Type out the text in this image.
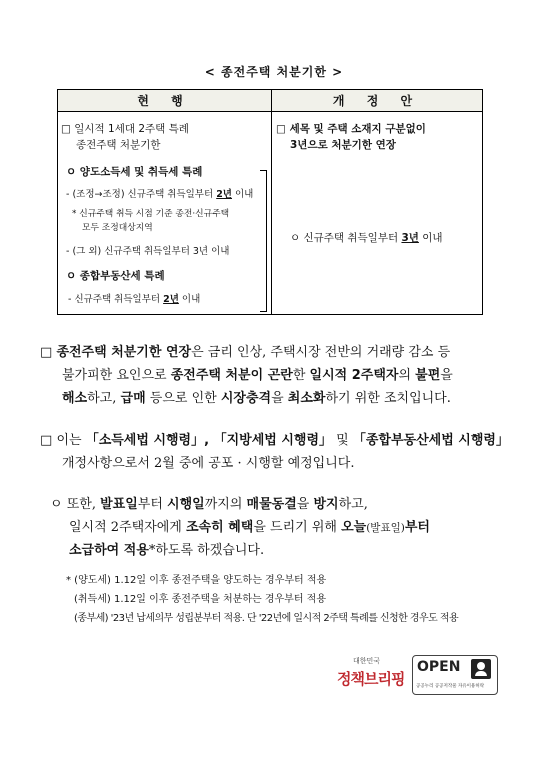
< 종전주택 처분기한 >
현 행	개 정 안
□ 일시적 1세대 2주택 특례
종전주택 처분기한
ㅇ 양도소득세 및 취득세 특례
- (조정→조정) 신규주택 취득일부터 2년 이내
* 신규주택 취득 시점 기준 종전·신규주택
모두 조정대상지역
- (그 외) 신규주택 취득일부터 3년 이내
ㅇ 종합부동산세 특례
- 신규주택 취득일부터 2년 이내
□ 세목 및 주택 소재지 구분없이
3년으로 처분기한 연장
ㅇ 신규주택 취득일부터 3년 이내
□ 종전주택 처분기한 연장은 금리 인상, 주택시장 전반의 거래량 감소 등
불가피한 요인으로 종전주택 처분이 곤란한 일시적 2주택자의 불편을
해소하고, 급매 등으로 인한 시장충격을 최소화하기 위한 조치입니다.
□ 이는 「소득세법 시행령」, 「지방세법 시행령」 및 「종합부동산세법 시행령」
개정사항으로서 2월 중에 공포 · 시행할 예정입니다.
ㅇ 또한, 발표일부터 시행일까지의 매물동결을 방지하고,
일시적 2주택자에게 조속히 혜택을 드리기 위해 오늘(발표일)부터
소급하여 적용*하도록 하겠습니다.
* (양도세) 1.12일 이후 종전주택을 양도하는 경우부터 적용
(취득세) 1.12일 이후 종전주택을 처분하는 경우부터 적용
(종부세) '23년 납세의무 성립분부터 적용. 단 '22년에 일시적 2주택 특례를 신청한 경우도 적용
대한민국
정책브리핑
OPEN
공공누리 공공저작물 자유이용허락
